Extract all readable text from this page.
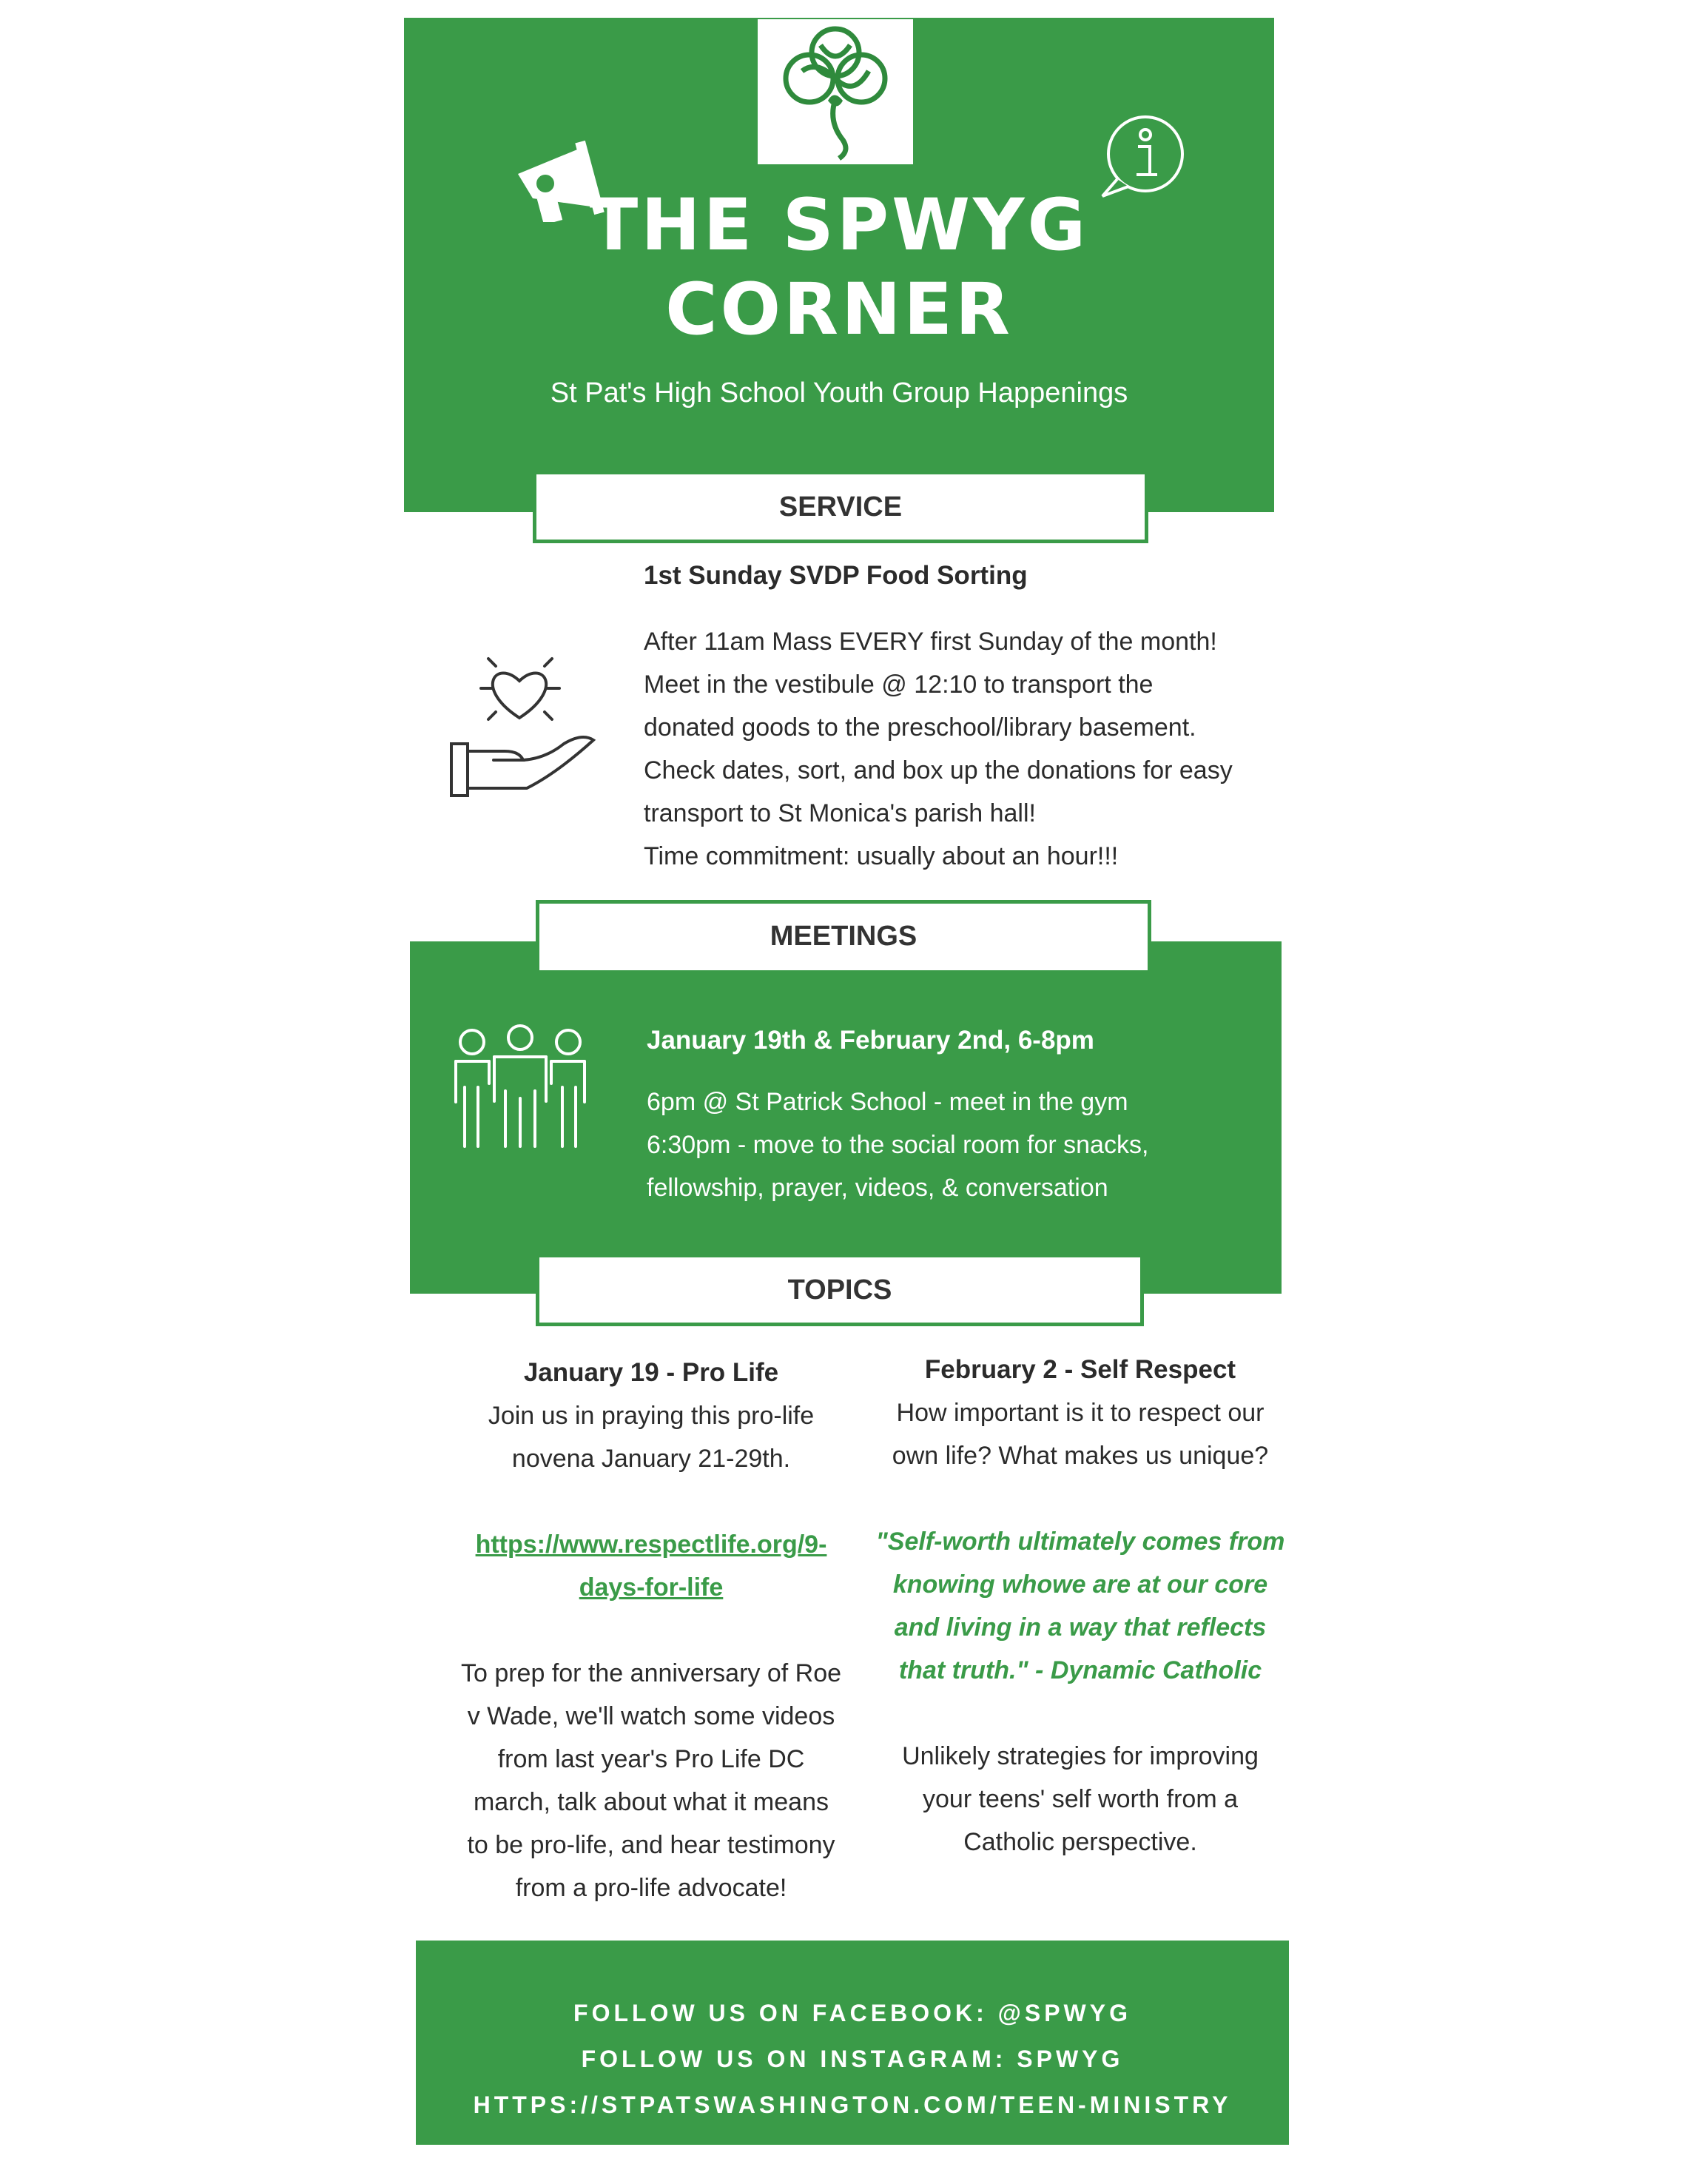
THE SPWYG
CORNER
St Pat's High School Youth Group Happenings
SERVICE
1st Sunday SVDP Food Sorting
After 11am Mass EVERY first Sunday of the month!
Meet in the vestibule @ 12:10 to transport the
donated goods to the preschool/library basement.
Check dates, sort, and box up the donations for easy
transport to St Monica's parish hall!
Time commitment: usually about an hour!!!
MEETINGS
January 19th & February 2nd, 6-8pm
6pm @ St Patrick School - meet in the gym
6:30pm - move to the social room for snacks,
fellowship, prayer, videos, & conversation
TOPICS
January 19 - Pro Life
Join us in praying this pro-life
novena January 21-29th.
https://www.respectlife.org/9-
days-for-life
To prep for the anniversary of Roe
v Wade, we'll watch some videos
from last year's Pro Life DC
march, talk about what it means
to be pro-life, and hear testimony
from a pro-life advocate!
February 2 - Self Respect
How important is it to respect our
own life? What makes us unique?
"Self-worth ultimately comes from
knowing whowe are at our core
and living in a way that reflects
that truth." - Dynamic Catholic
Unlikely strategies for improving
your teens' self worth from a
Catholic perspective.
FOLLOW US ON FACEBOOK: @SPWYG
FOLLOW US ON INSTAGRAM: SPWYG
HTTPS://STPATSWASHINGTON.COM/TEEN-MINISTRY
